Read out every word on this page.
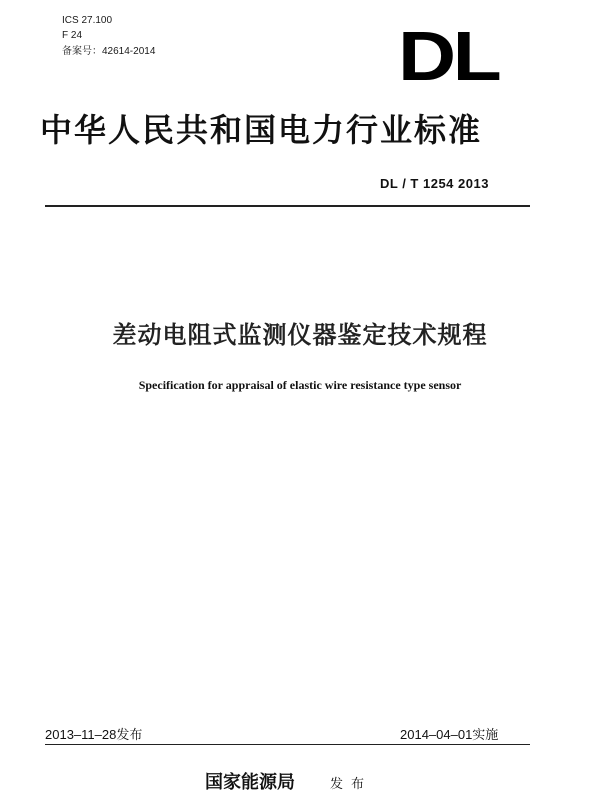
ICS 27.100
F 24
备案号：42614-2014	DL
中华人民共和国电力行业标准
DL / T 1254 2013
差动电阻式监测仪器鉴定技术规程
Specification for appraisal of elastic wire resistance type sensor
2013–11–28发布	2014–04–01实施
国家能源局	发布
